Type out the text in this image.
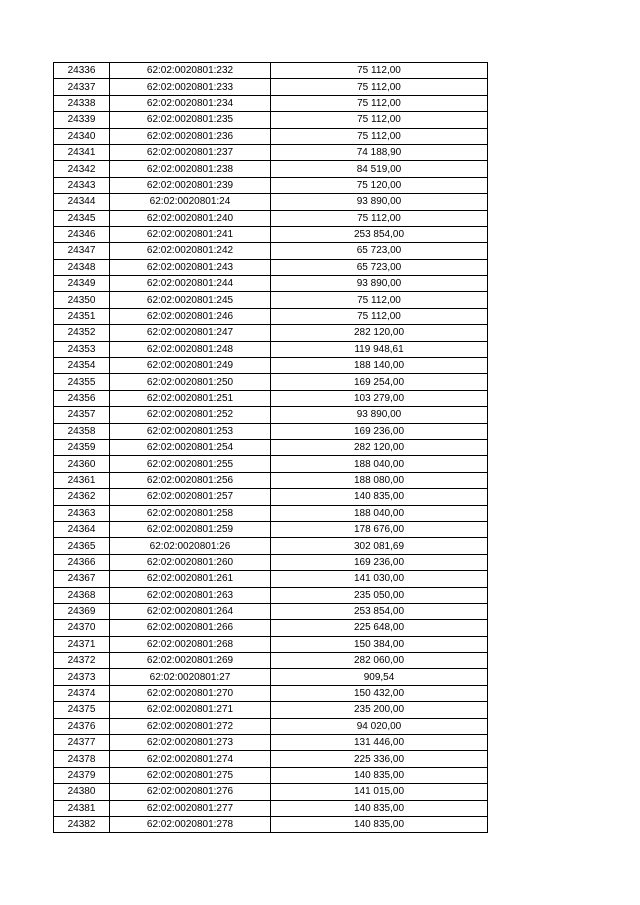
24336	62:02:0020801:232	75 112,00
24337	62:02:0020801:233	75 112,00
24338	62:02:0020801:234	75 112,00
24339	62:02:0020801:235	75 112,00
24340	62:02:0020801:236	75 112,00
24341	62:02:0020801:237	74 188,90
24342	62:02:0020801:238	84 519,00
24343	62:02:0020801:239	75 120,00
24344	62:02:0020801:24	93 890,00
24345	62:02:0020801:240	75 112,00
24346	62:02:0020801:241	253 854,00
24347	62:02:0020801:242	65 723,00
24348	62:02:0020801:243	65 723,00
24349	62:02:0020801:244	93 890,00
24350	62:02:0020801:245	75 112,00
24351	62:02:0020801:246	75 112,00
24352	62:02:0020801:247	282 120,00
24353	62:02:0020801:248	119 948,61
24354	62:02:0020801:249	188 140,00
24355	62:02:0020801:250	169 254,00
24356	62:02:0020801:251	103 279,00
24357	62:02:0020801:252	93 890,00
24358	62:02:0020801:253	169 236,00
24359	62:02:0020801:254	282 120,00
24360	62:02:0020801:255	188 040,00
24361	62:02:0020801:256	188 080,00
24362	62:02:0020801:257	140 835,00
24363	62:02:0020801:258	188 040,00
24364	62:02:0020801:259	178 676,00
24365	62:02:0020801:26	302 081,69
24366	62:02:0020801:260	169 236,00
24367	62:02:0020801:261	141 030,00
24368	62:02:0020801:263	235 050,00
24369	62:02:0020801:264	253 854,00
24370	62:02:0020801:266	225 648,00
24371	62:02:0020801:268	150 384,00
24372	62:02:0020801:269	282 060,00
24373	62:02:0020801:27	909,54
24374	62:02:0020801:270	150 432,00
24375	62:02:0020801:271	235 200,00
24376	62:02:0020801:272	94 020,00
24377	62:02:0020801:273	131 446,00
24378	62:02:0020801:274	225 336,00
24379	62:02:0020801:275	140 835,00
24380	62:02:0020801:276	141 015,00
24381	62:02:0020801:277	140 835,00
24382	62:02:0020801:278	140 835,00
